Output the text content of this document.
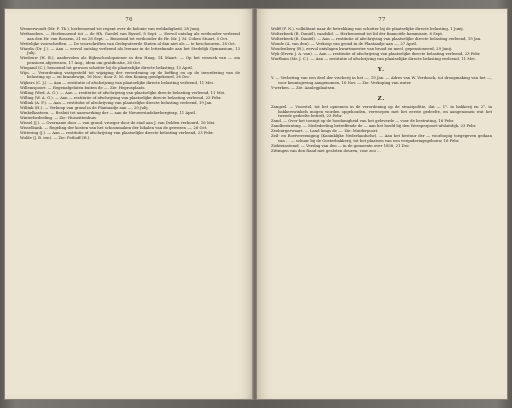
76

Wesnerwoudt (Mr. F. Th.), herbenoemd tot regent over de kolonie van weldadigheid, 28 Junij.

Wethouders. — Herbenoemd tot — de Hh. Guedel van Ryssel, 8 Sept. — Eervol ontslag als wethouder verleend aan den Hr. van Rossem, 21 en 28 Sept. — Benoemd tot wethouder de Hr. Mr. J. M. Cohen Stuart, 5 Oct.

Wettelijke voorschriften. — De voorschriften van Gedeputeerde Staten al dan niet als — te beschouwen, 28 Oct.

Wiarda (Dr. J.). — Aan — eervol ontslag verleend als leeraar in de letterkunde aan het Stedelijk Gymnasium, 13 Julij.

Wiedouw (H. B.), aanbevolen als Rijksschoolopziener in den Haag, 14 Maart. — Op het verzoek van — om pensioen afgewezen, 17 Aug.; idem om gratificatie, 26 Oct.

Wiegand (C.), benoemd tot gewoon schatter bij de plaatselijke directe belasting, 13 April.

Wijn. — Verordening vastgesteld tot wijziging der verordening op de heffing en op de invordering van de belasting op — en brandewijn, 16 Nov.; door Z. M. den Koning goedgekeurd, 26 Dec.

Wijkers (C. J.). — Aan — restitutie of afschrijving van plaatselijke directe belasting verleend, 11 Mei.

Willemspoort. — Regenafgelaten buiten de —. Zie: Hegrosplaats.

Willing (Wed. A. G.). — Aan — restitutie of afschrijving van plaatselijke directe belasting verleend, 11 Mei.

Willing (W. A. G.). — Aan — restitutie of afschrijving van plaatselijke directe belasting verleend, 23 Febr.

Willink (A. F.). — Aan — restitutie of afschrijving van plaatselijke directe belasting verleend, 19 Jan.

Willink (H.). — Verkoop van grond in de Plantaadje aan —, 20 Julij.

Winkelkasteen. — Besluit tot aanvoerking der — aan de Nieuwestadsherbergtrap, 11 April.

Winterbedeeling. — Zie: Huiszittenhuis.

Wissel (J.). — Overname door — van grond, vroeger door de stad aan J. van Delden verhuurd, 16 Mei.

Wisselbank. — Regeling der kosten van het schoonmaken der lokalen van de gewezen —, 26 Oct.

Wittering (J.). — Aan — restitutie of afschrijving van plaatselijke directe belasting verleend, 23 Febr.

Wolde (J. B. ten). — Zie: Pothoff (H.).

77

Wolff (F. N.), volbilitant naar de betrekking van schatter bij de plaatselijke directe belasting, 1 Junij.

Wolterbeek (R. Daniël), raadslid. — Herbenoemd tot lid der financiële kommissie, 6 Sept.

Wolterbeek (R. Daniël). — Aan — restitutie of afschrijving van plaatselijke directe belasting verleend, 19 Jan.

Woude (A. van den). — Verkoop van grond in de Plantaadje aan —, 27 April.

Woudenberg (B.), eervol ontslagen kwartmeester van brood en meel, gepensioneerd, 29 Junij.

Wyk (Erven J. A. van). — Aan — restitutie of afschrijving van plaatselijke directe belasting verleend, 23 Febr.

Wurfbain (Mr. J. C.). — Aan — restitutie of afschrijving van plaatselijke directe belasting verleend, 11 Mei.

Y.

Y. — Verbeting van een deel der vischerij in het —, 19 Jan. — Adres van W. Verdonck, tot droogmaking van het —, voor kennisgeving aangenomen, 16 Nov. — Zie: Verkoping van water.

Y-werken. — Zie: Aanlegplaatsen.

Z.

Zangzel. — Voorstel, tot het opnemen in de verordening op de straatpolitie, dat — 1°. in bakkerij en 2°. in bakkerswinkels mogen worden opgehouden, verworpen met het eerste gedeelte, en aangenomen wat het tweede gedeelte betreft, 23 Febr.

Zand. — Over het toezigt op de hoedanigheid van het geleverde — voor de bestrating, 16 Febr.

Zandbestrating. — Mededeeling betreffende de — aan het hoofd bij den Weesperpoort-afsluitdijk, 23 Febr.

Zeeburgerwaart. — Land langs de —. Zie: Muiderpoort.

Zeil- en Roeivereeniging (Koninklijke Nederlandsche). — Aan het bestuur der — voorloopig toegegeven gedaan van ... — schuur bij de Oosterbakkerij, tot het plaatsen van een vergaderingsgebouw, 16 Febr.

Ziekteinstemd. — Verslag van den — in de gemeente over 1858, 21 Dec.

Zittingen van den Raad met gesloten deuren, voor zoo ...
